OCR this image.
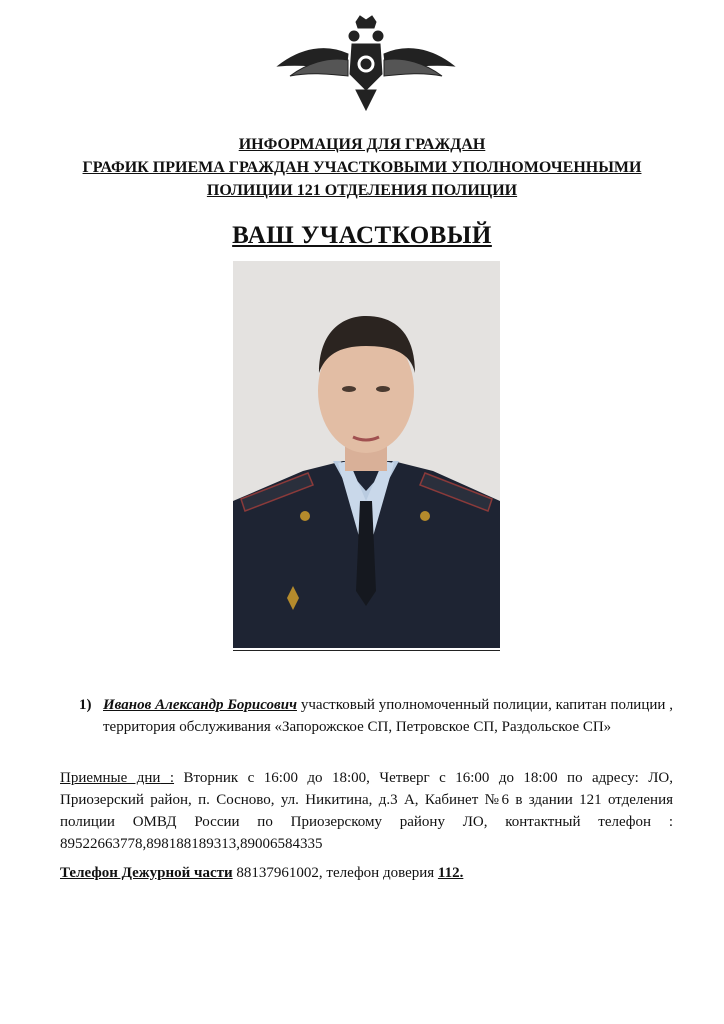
ИНФОРМАЦИЯ ДЛЯ ГРАЖДАН
ГРАФИК ПРИЕМА ГРАЖДАН УЧАСТКОВЫМИ УПОЛНОМОЧЕННЫМИ
ПОЛИЦИИ 121 ОТДЕЛЕНИЯ ПОЛИЦИИ
ВАШ УЧАСТКОВЫЙ
1) Иванов Александр Борисович участковый уполномоченный полиции, капитан полиции , территория обслуживания «Запорожское СП, Петровское СП, Раздольское СП»
Приемные дни : Вторник с 16:00 до 18:00, Четверг с 16:00 до 18:00 по адресу: ЛО, Приозерский район, п. Сосново, ул. Никитина, д.3 А, Кабинет №6 в здании 121 отделения полиции ОМВД России по Приозерскому району ЛО, контактный телефон : 89522663778,898188189313,89006584335
Телефон Дежурной части 88137961002, телефон доверия 112.
